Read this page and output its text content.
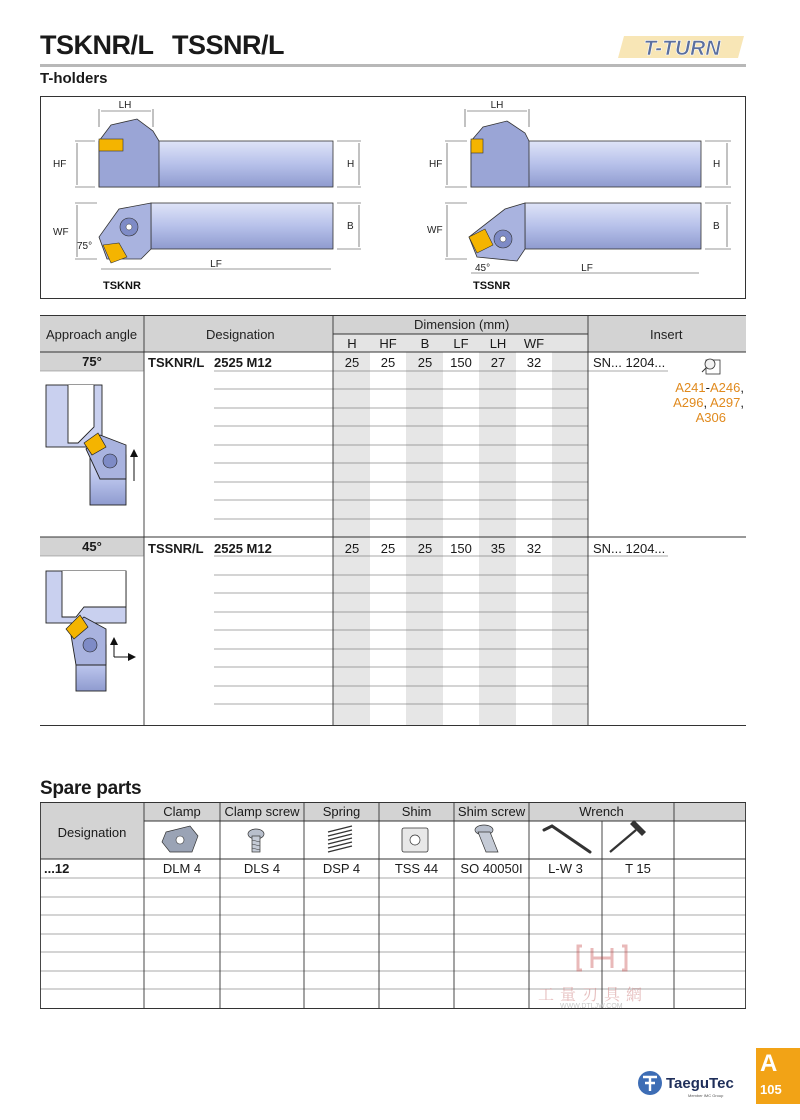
TSKNR/L TSSNR/L
T-holders
T-TURN
LH
HF	H
WF
75°
B
LF
TSKNR
LH
HF	H
WF
45°
B
LF
TSSNR
Approach angle	Designation
Dimension (mm)
Insert
H	HF	B	LF	LH	WF
75°	TSKNR/L 2525 M12	25	25	25	150	27	32	SN... 1204...
A241-A246,
A296, A297,
A306
45°	TSSNR/L 2525 M12	25	25	25	150	35	32	SN... 1204...
Spare parts
Designation
Clamp	Clamp screw	Spring	Shim	Shim screw	Wrench
...12	DLM 4	DLS 4	DSP 4	TSS 44	SO 40050I	L-W 3	T 15
工量刃具網
WWW.DTLJW.COM
TaeguTec
Member IMC Group
A
105
